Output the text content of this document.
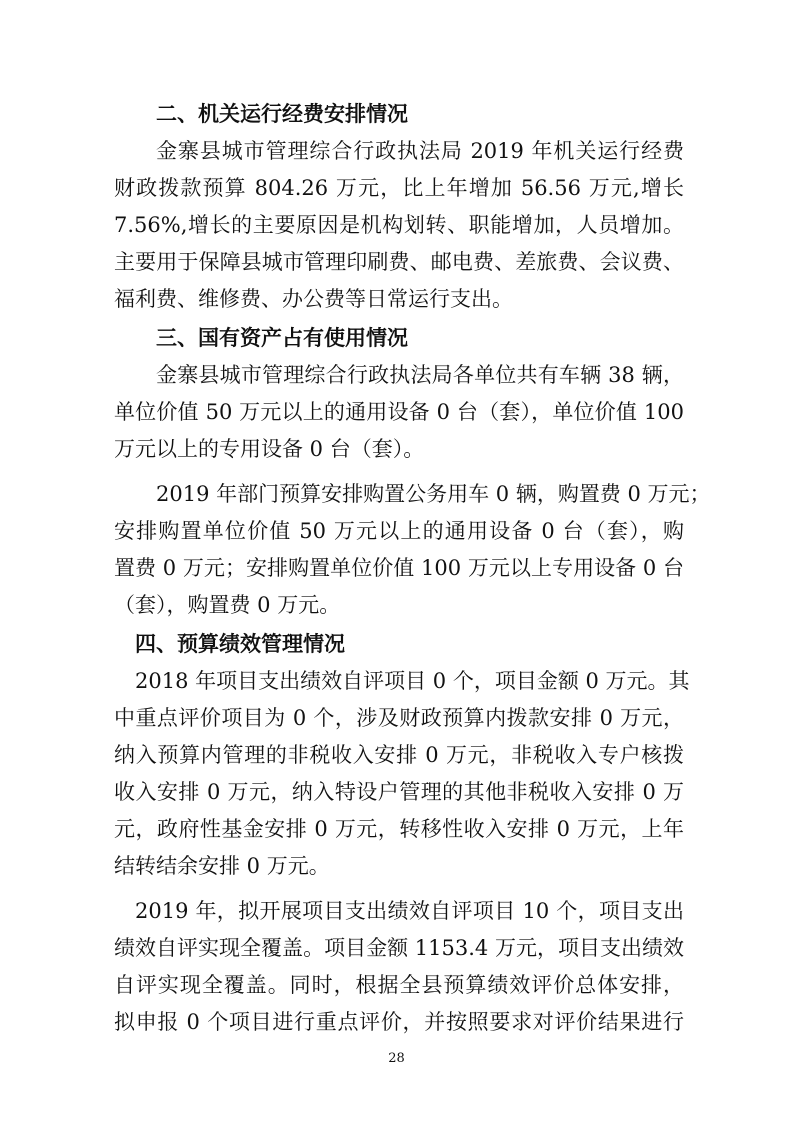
二、机关运行经费安排情况
金寨县城市管理综合行政执法局 2019 年机关运行经费
财政拨款预算 804.26 万元，比上年增加 56.56 万元,增长
7.56%,增长的主要原因是机构划转、职能增加，人员增加。
主要用于保障县城市管理印刷费、邮电费、差旅费、会议费、
福利费、维修费、办公费等日常运行支出。
三、国有资产占有使用情况
金寨县城市管理综合行政执法局各单位共有车辆 38 辆，
单位价值 50 万元以上的通用设备 0 台（套），单位价值 100
万元以上的专用设备 0 台（套）。
2019 年部门预算安排购置公务用车 0 辆，购置费 0 万元；
安排购置单位价值 50 万元以上的通用设备 0 台（套），购
置费 0 万元；安排购置单位价值 100 万元以上专用设备 0 台
（套），购置费 0 万元。
四、预算绩效管理情况
2018 年项目支出绩效自评项目 0 个，项目金额 0 万元。其
中重点评价项目为 0 个，涉及财政预算内拨款安排 0 万元，
纳入预算内管理的非税收入安排 0 万元，非税收入专户核拨
收入安排 0 万元，纳入特设户管理的其他非税收入安排 0 万
元，政府性基金安排 0 万元，转移性收入安排 0 万元，上年
结转结余安排 0 万元。
2019 年，拟开展项目支出绩效自评项目 10 个，项目支出
绩效自评实现全覆盖。项目金额 1153.4 万元，项目支出绩效
自评实现全覆盖。同时，根据全县预算绩效评价总体安排，
拟申报 0 个项目进行重点评价，并按照要求对评价结果进行
28
